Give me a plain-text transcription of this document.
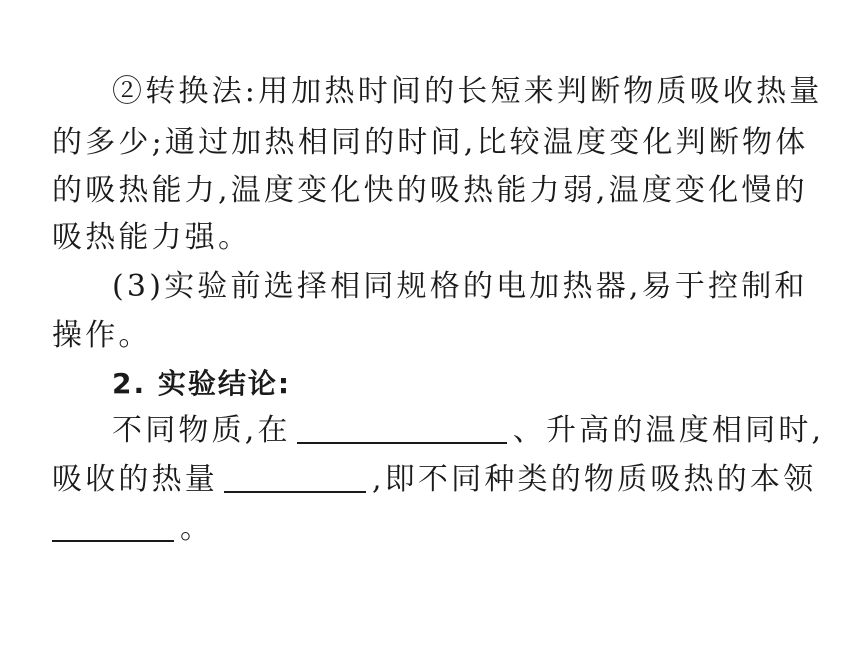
②转换法:用加热时间的长短来判断物质吸收热量
的多少;通过加热相同的时间,比较温度变化判断物体
的吸热能力,温度变化快的吸热能力弱,温度变化慢的
吸热能力强。
(3)实验前选择相同规格的电加热器,易于控制和
操作。
2. 实验结论:
不同物质,在	、升高的温度相同时,
吸收的热量	,即不同种类的物质吸热的本领
。
